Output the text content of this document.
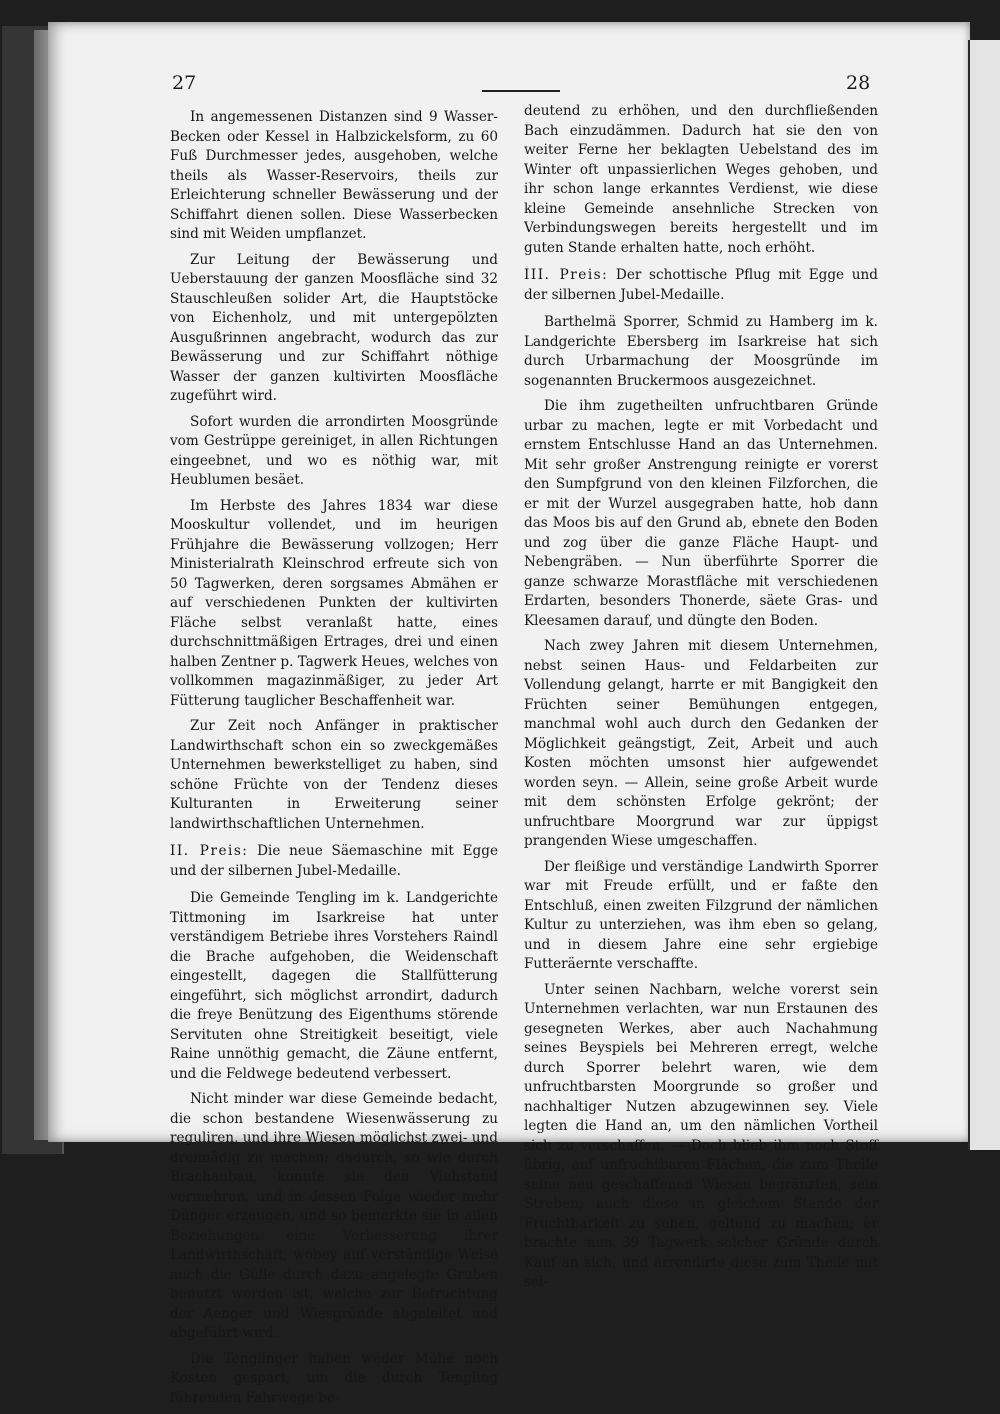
27	28

In angemessenen Distanzen sind 9 Wasser-Becken oder Kessel in Halbzickelsform, zu 60 Fuß Durchmesser jedes, ausgehoben, welche theils als Wasser-Reservoirs, theils zur Erleichterung schneller Bewässerung und der Schiffahrt dienen sollen. Diese Wasserbecken sind mit Weiden umpflanzet.

Zur Leitung der Bewässerung und Ueberstauung der ganzen Moosfläche sind 32 Stauschleußen solider Art, die Hauptstöcke von Eichenholz, und mit untergepölzten Ausgußrinnen angebracht, wodurch das zur Bewässerung und zur Schiffahrt nöthige Wasser der ganzen kultivirten Moosfläche zugeführt wird.

Sofort wurden die arrondirten Moosgründe vom Gestrüppe gereiniget, in allen Richtungen eingeebnet, und wo es nöthig war, mit Heublumen besäet.

Im Herbste des Jahres 1834 war diese Mooskultur vollendet, und im heurigen Frühjahre die Bewässerung vollzogen; Herr Ministerialrath Kleinschrod erfreute sich von 50 Tagwerken, deren sorgsames Abmähen er auf verschiedenen Punkten der kultivirten Fläche selbst veranlaßt hatte, eines durchschnittmäßigen Ertrages, drei und einen halben Zentner p. Tagwerk Heues, welches von vollkommen magazinmäßiger, zu jeder Art Fütterung tauglicher Beschaffenheit war.

Zur Zeit noch Anfänger in praktischer Landwirthschaft schon ein so zweckgemäßes Unternehmen bewerkstelliget zu haben, sind schöne Früchte von der Tendenz dieses Kulturanten in Erweiterung seiner landwirthschaftlichen Unternehmen.

II. Preis: Die neue Säemaschine mit Egge und der silbernen Jubel-Medaille.

Die Gemeinde Tengling im k. Landgerichte Tittmoning im Isarkreise hat unter verständigem Betriebe ihres Vorstehers Raindl die Brache aufgehoben, die Weidenschaft eingestellt, dagegen die Stallfütterung eingeführt, sich möglichst arrondirt, dadurch die freye Benützung des Eigenthums störende Servituten ohne Streitigkeit beseitigt, viele Raine unnöthig gemacht, die Zäune entfernt, und die Feldwege bedeutend verbessert.

Nicht minder war diese Gemeinde bedacht, die schon bestandene Wiesenwässerung zu reguliren, und ihre Wiesen möglichst zwei- und dreimädig zu machen; dadurch, so wie durch Brachanbau, konnte sie den Viehstand vermehren, und in dessen Folge wieder mehr Dünger erzeugen, und so bemerkte sie in allen Beziehungen eine Verbesserung ihrer Landwirthschaft, wobey auf verständige Weise auch die Gülle durch dazu angelegte Gruben benutzt worden ist, welche zur Befruchtung der Aenger und Wiesgründe abgeleitet und abgeführt wird.

Die Tenglinger haben weder Mühe noch Kosten gespart, um die durch Tengling führenden Fahrwege be-

deutend zu erhöhen, und den durchfließenden Bach einzudämmen. Dadurch hat sie den von weiter Ferne her beklagten Uebelstand des im Winter oft unpassierlichen Weges gehoben, und ihr schon lange erkanntes Verdienst, wie diese kleine Gemeinde ansehnliche Strecken von Verbindungswegen bereits hergestellt und im guten Stande erhalten hatte, noch erhöht.

III. Preis: Der schottische Pflug mit Egge und der silbernen Jubel-Medaille.

Barthelmä Sporrer, Schmid zu Hamberg im k. Landgerichte Ebersberg im Isarkreise hat sich durch Urbarmachung der Moosgründe im sogenannten Bruckermoos ausgezeichnet.

Die ihm zugetheilten unfruchtbaren Gründe urbar zu machen, legte er mit Vorbedacht und ernstem Entschlusse Hand an das Unternehmen. Mit sehr großer Anstrengung reinigte er vorerst den Sumpfgrund von den kleinen Filzforchen, die er mit der Wurzel ausgegraben hatte, hob dann das Moos bis auf den Grund ab, ebnete den Boden und zog über die ganze Fläche Haupt- und Nebengräben. — Nun überführte Sporrer die ganze schwarze Morastfläche mit verschiedenen Erdarten, besonders Thonerde, säete Gras- und Kleesamen darauf, und düngte den Boden.

Nach zwey Jahren mit diesem Unternehmen, nebst seinen Haus- und Feldarbeiten zur Vollendung gelangt, harrte er mit Bangigkeit den Früchten seiner Bemühungen entgegen, manchmal wohl auch durch den Gedanken der Möglichkeit geängstigt, Zeit, Arbeit und auch Kosten möchten umsonst hier aufgewendet worden seyn. — Allein, seine große Arbeit wurde mit dem schönsten Erfolge gekrönt; der unfruchtbare Moorgrund war zur üppigst prangenden Wiese umgeschaffen.

Der fleißige und verständige Landwirth Sporrer war mit Freude erfüllt, und er faßte den Entschluß, einen zweiten Filzgrund der nämlichen Kultur zu unterziehen, was ihm eben so gelang, und in diesem Jahre eine sehr ergiebige Futteräernte verschaffte.

Unter seinen Nachbarn, welche vorerst sein Unternehmen verlachten, war nun Erstaunen des gesegneten Werkes, aber auch Nachahmung seines Beyspiels bei Mehreren erregt, welche durch Sporrer belehrt waren, wie dem unfruchtbarsten Moorgrunde so großer und nachhaltiger Nutzen abzugewinnen sey. Viele legten die Hand an, um den nämlichen Vortheil sich zu verschaffen. — Doch blieb ihm noch Stoff übrig, auf unfruchtbaren Flächen, die zum Theile seine neu geschaffenen Wiesen begränzten, sein Streben, auch diese in gleichem Stande der Fruchtbarkeit zu sehen, geltend zu machen; er brachte nun 39 Tagwerk solcher Gründe durch Kauf an sich, und arrondirte diese zum Theile mit sei-
